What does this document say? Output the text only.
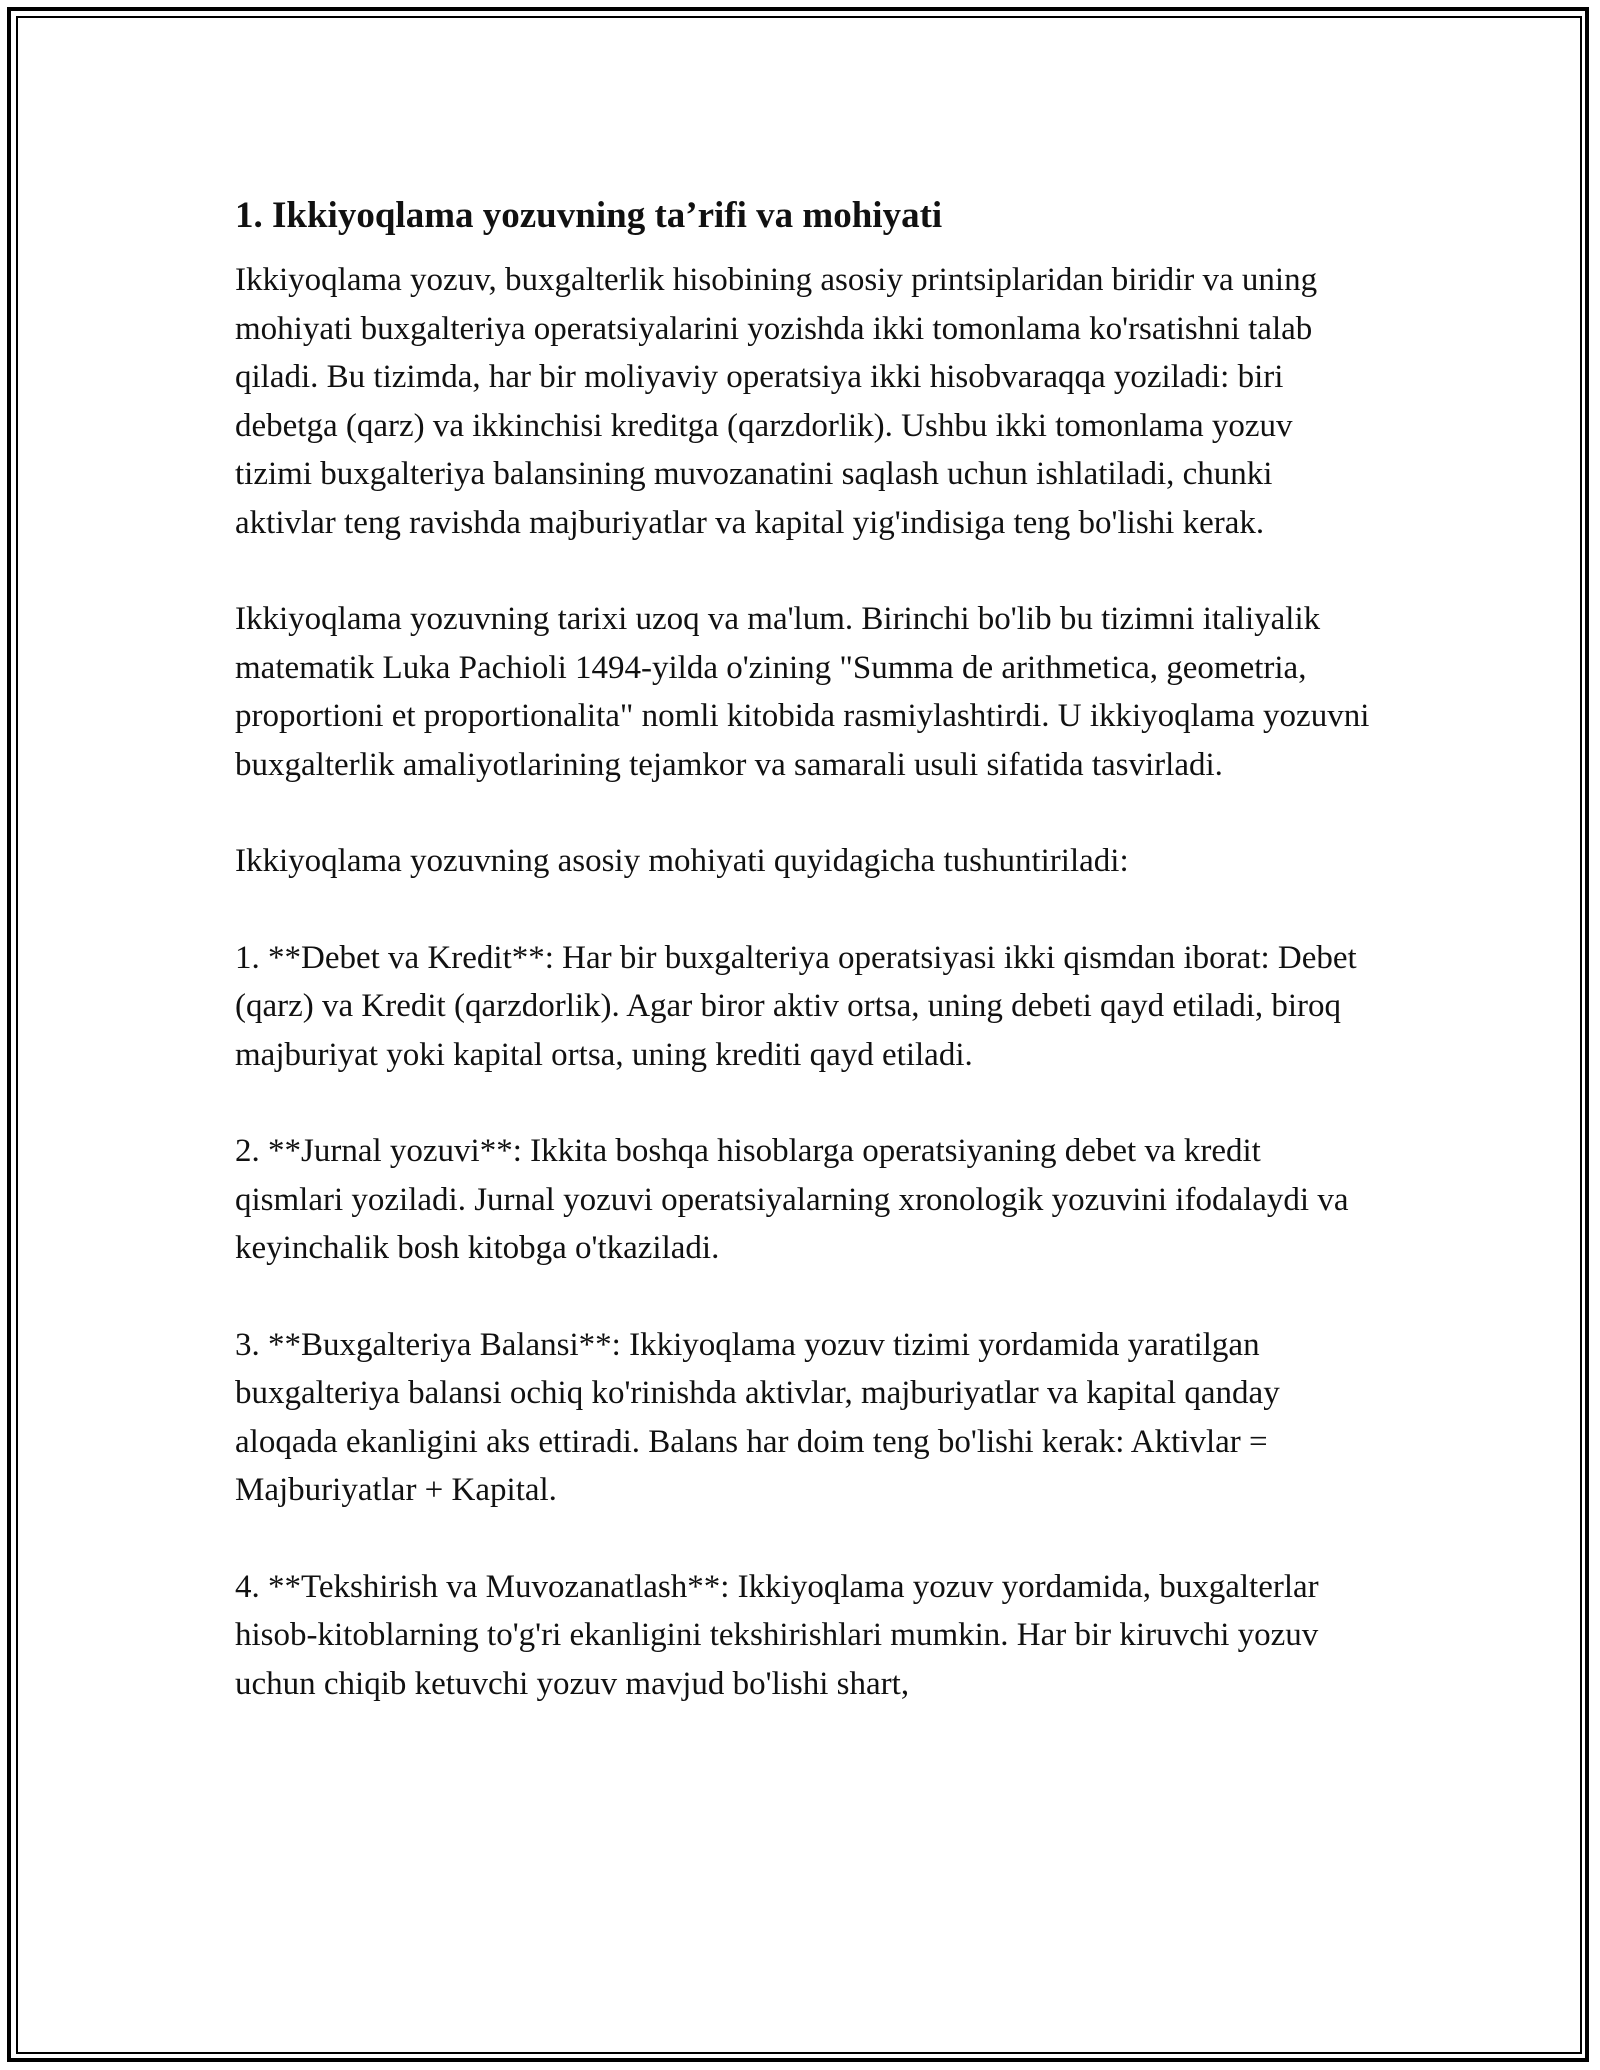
1. Ikkiyoqlama yozuvning ta’rifi va mohiyati

Ikkiyoqlama yozuv, buxgalterlik hisobining asosiy printsiplaridan biridir va uning mohiyati buxgalteriya operatsiyalarini yozishda ikki tomonlama ko'rsatishni talab qiladi. Bu tizimda, har bir moliyaviy operatsiya ikki hisobvaraqqa yoziladi: biri debetga (qarz) va ikkinchisi kreditga (qarzdorlik). Ushbu ikki tomonlama yozuv tizimi buxgalteriya balansining muvozanatini saqlash uchun ishlatiladi, chunki aktivlar teng ravishda majburiyatlar va kapital yig'indisiga teng bo'lishi kerak.

Ikkiyoqlama yozuvning tarixi uzoq va ma'lum. Birinchi bo'lib bu tizimni italiyalik matematik Luka Pachioli 1494-yilda o'zining "Summa de arithmetica, geometria, proportioni et proportionalita" nomli kitobida rasmiylashtirdi. U ikkiyoqlama yozuvni buxgalterlik amaliyotlarining tejamkor va samarali usuli sifatida tasvirladi.

Ikkiyoqlama yozuvning asosiy mohiyati quyidagicha tushuntiriladi:

1. **Debet va Kredit**: Har bir buxgalteriya operatsiyasi ikki qismdan iborat: Debet (qarz) va Kredit (qarzdorlik). Agar biror aktiv ortsa, uning debeti qayd etiladi, biroq majburiyat yoki kapital ortsa, uning krediti qayd etiladi.

2. **Jurnal yozuvi**: Ikkita boshqa hisoblarga operatsiyaning debet va kredit qismlari yoziladi. Jurnal yozuvi operatsiyalarning xronologik yozuvini ifodalaydi va keyinchalik bosh kitobga o'tkaziladi.

3. **Buxgalteriya Balansi**: Ikkiyoqlama yozuv tizimi yordamida yaratilgan buxgalteriya balansi ochiq ko'rinishda aktivlar, majburiyatlar va kapital qanday aloqada ekanligini aks ettiradi. Balans har doim teng bo'lishi kerak: Aktivlar = Majburiyatlar + Kapital.

4. **Tekshirish va Muvozanatlash**: Ikkiyoqlama yozuv yordamida, buxgalterlar hisob-kitoblarning to'g'ri ekanligini tekshirishlari mumkin. Har bir kiruvchi yozuv uchun chiqib ketuvchi yozuv mavjud bo'lishi shart,
